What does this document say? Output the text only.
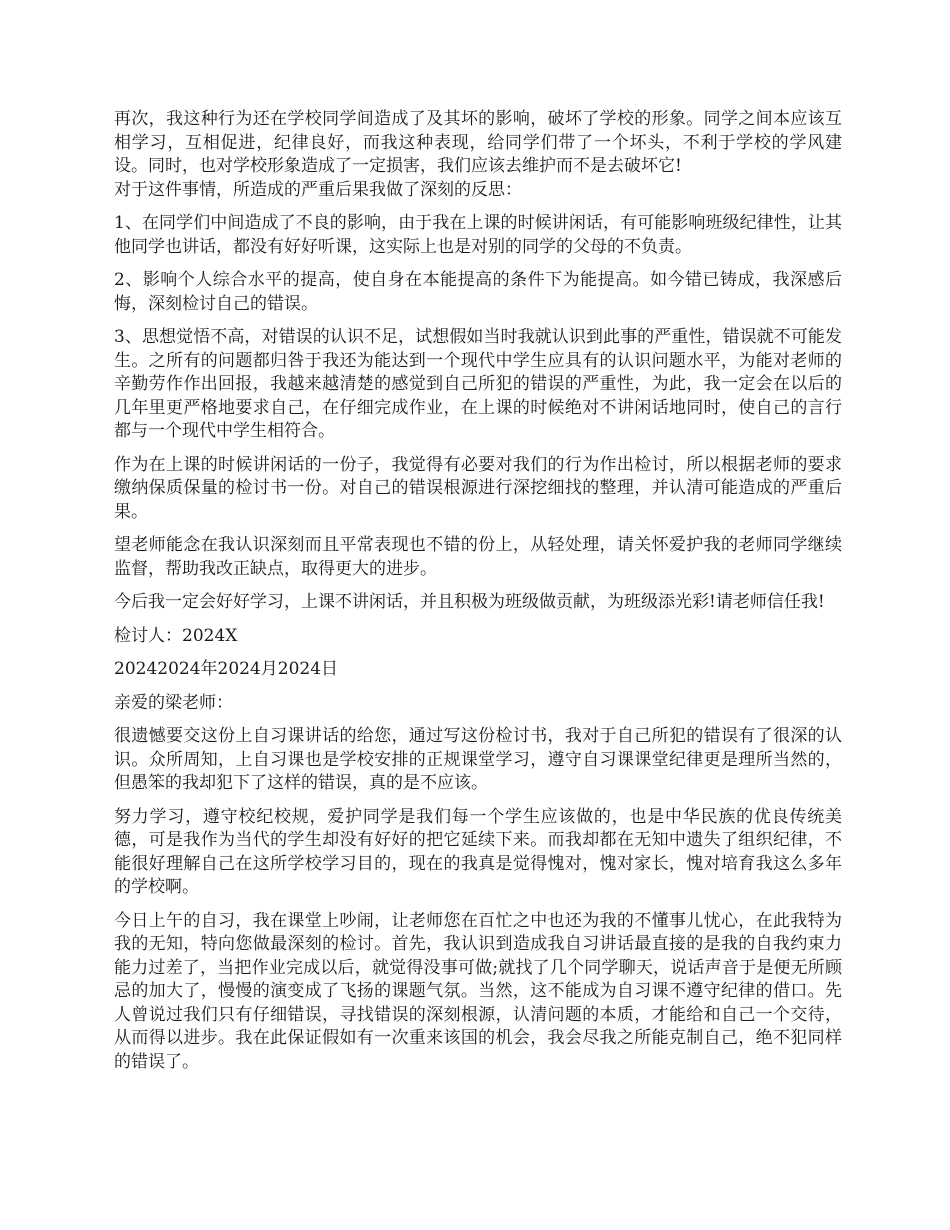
再次，我这种行为还在学校同学间造成了及其坏的影响，破坏了学校的形象。同学之间本应该互相学习，互相促进，纪律良好，而我这种表现，给同学们带了一个坏头，不利于学校的学风建设。同时，也对学校形象造成了一定损害，我们应该去维护而不是去破坏它!
对于这件事情，所造成的严重后果我做了深刻的反思：

1、在同学们中间造成了不良的影响，由于我在上课的时候讲闲话，有可能影响班级纪律性，让其他同学也讲话，都没有好好听课，这实际上也是对别的同学的父母的不负责。

2、影响个人综合水平的提高，使自身在本能提高的条件下为能提高。如今错已铸成，我深感后悔，深刻检讨自己的错误。

3、思想觉悟不高，对错误的认识不足，试想假如当时我就认识到此事的严重性，错误就不可能发生。之所有的问题都归咎于我还为能达到一个现代中学生应具有的认识问题水平，为能对老师的辛勤劳作作出回报，我越来越清楚的感觉到自己所犯的错误的严重性，为此，我一定会在以后的几年里更严格地要求自己，在仔细完成作业，在上课的时候绝对不讲闲话地同时，使自己的言行都与一个现代中学生相符合。

作为在上课的时候讲闲话的一份子，我觉得有必要对我们的行为作出检讨，所以根据老师的要求缴纳保质保量的检讨书一份。对自己的错误根源进行深挖细找的整理，并认清可能造成的严重后果。

望老师能念在我认识深刻而且平常表现也不错的份上，从轻处理，请关怀爱护我的老师同学继续监督，帮助我改正缺点，取得更大的进步。

今后我一定会好好学习，上课不讲闲话，并且积极为班级做贡献，为班级添光彩!请老师信任我!

检讨人：2024X

20242024年2024月2024日

亲爱的梁老师：

很遗憾要交这份上自习课讲话的给您，通过写这份检讨书，我对于自己所犯的错误有了很深的认识。众所周知，上自习课也是学校安排的正规课堂学习，遵守自习课课堂纪律更是理所当然的，但愚笨的我却犯下了这样的错误，真的是不应该。

努力学习，遵守校纪校规，爱护同学是我们每一个学生应该做的，也是中华民族的优良传统美德，可是我作为当代的学生却没有好好的把它延续下来。而我却都在无知中遗失了组织纪律，不能很好理解自己在这所学校学习目的，现在的我真是觉得愧对，愧对家长，愧对培育我这么多年的学校啊。

今日上午的自习，我在课堂上吵闹，让老师您在百忙之中也还为我的不懂事儿忧心，在此我特为我的无知，特向您做最深刻的检讨。首先，我认识到造成我自习讲话最直接的是我的自我约束力能力过差了，当把作业完成以后，就觉得没事可做;就找了几个同学聊天，说话声音于是便无所顾忌的加大了，慢慢的演变成了飞扬的课题气氛。当然，这不能成为自习课不遵守纪律的借口。先人曾说过我们只有仔细错误，寻找错误的深刻根源，认清问题的本质，才能给和自己一个交待，从而得以进步。我在此保证假如有一次重来该国的机会，我会尽我之所能克制自己，绝不犯同样的错误了。
